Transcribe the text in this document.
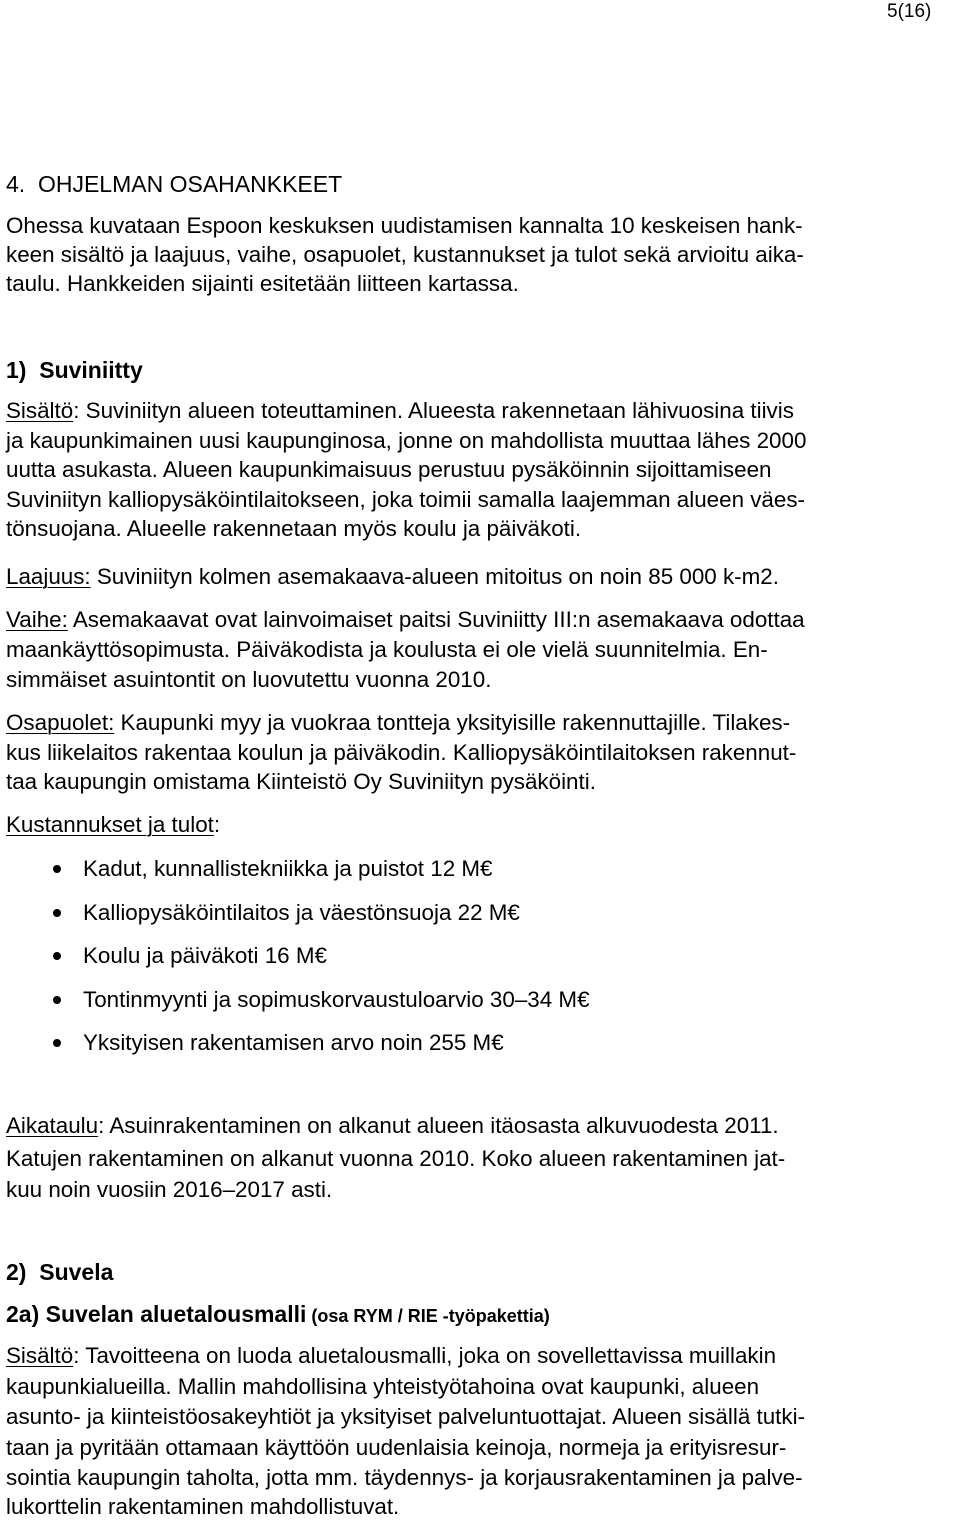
5(16)
4.  OHJELMAN OSAHANKKEET
Ohessa kuvataan Espoon keskuksen uudistamisen kannalta 10 keskeisen hank-
keen sisältö ja laajuus, vaihe, osapuolet, kustannukset ja tulot sekä arvioitu aika-
taulu. Hankkeiden sijainti esitetään liitteen kartassa.
1)  Suviniitty
Sisältö: Suviniityn alueen toteuttaminen. Alueesta rakennetaan lähivuosina tiivis
ja kaupunkimainen uusi kaupunginosa, jonne on mahdollista muuttaa lähes 2000
uutta asukasta. Alueen kaupunkimaisuus perustuu pysäköinnin sijoittamiseen
Suviniityn kalliopysäköintilaitokseen, joka toimii samalla laajemman alueen väes-
tönsuojana. Alueelle rakennetaan myös koulu ja päiväkoti.
Laajuus: Suviniityn kolmen asemakaava-alueen mitoitus on noin 85 000 k-m2.
Vaihe: Asemakaavat ovat lainvoimaiset paitsi Suviniitty III:n asemakaava odottaa
maankäyttösopimusta. Päiväkodista ja koulusta ei ole vielä suunnitelmia. En-
simmäiset asuintontit on luovutettu vuonna 2010.
Osapuolet: Kaupunki myy ja vuokraa tontteja yksityisille rakennuttajille. Tilakes-
kus liikelaitos rakentaa koulun ja päiväkodin. Kalliopysäköintilaitoksen rakennut-
taa kaupungin omistama Kiinteistö Oy Suviniityn pysäköinti.
Kustannukset ja tulot:
Kadut, kunnallistekniikka ja puistot 12 M€
Kalliopysäköintilaitos ja väestönsuoja 22 M€
Koulu ja päiväkoti 16 M€
Tontinmyynti ja sopimuskorvaustuloarvio 30–34 M€
Yksityisen rakentamisen arvo noin 255 M€
Aikataulu: Asuinrakentaminen on alkanut alueen itäosasta alkuvuodesta 2011.
Katujen rakentaminen on alkanut vuonna 2010. Koko alueen rakentaminen jat-
kuu noin vuosiin 2016–2017 asti.
2)  Suvela
2a) Suvelan aluetalousmalli (osa RYM / RIE -työpakettia)
Sisältö: Tavoitteena on luoda aluetalousmalli, joka on sovellettavissa muillakin
kaupunkialueilla. Mallin mahdollisina yhteistyötahoina ovat kaupunki, alueen
asunto- ja kiinteistöosakeyhtiöt ja yksityiset palveluntuottajat. Alueen sisällä tutki-
taan ja pyritään ottamaan käyttöön uudenlaisia keinoja, normeja ja erityisresur-
sointia kaupungin taholta, jotta mm. täydennys- ja korjausrakentaminen ja palve-
lukorttelin rakentaminen mahdollistuvat.
